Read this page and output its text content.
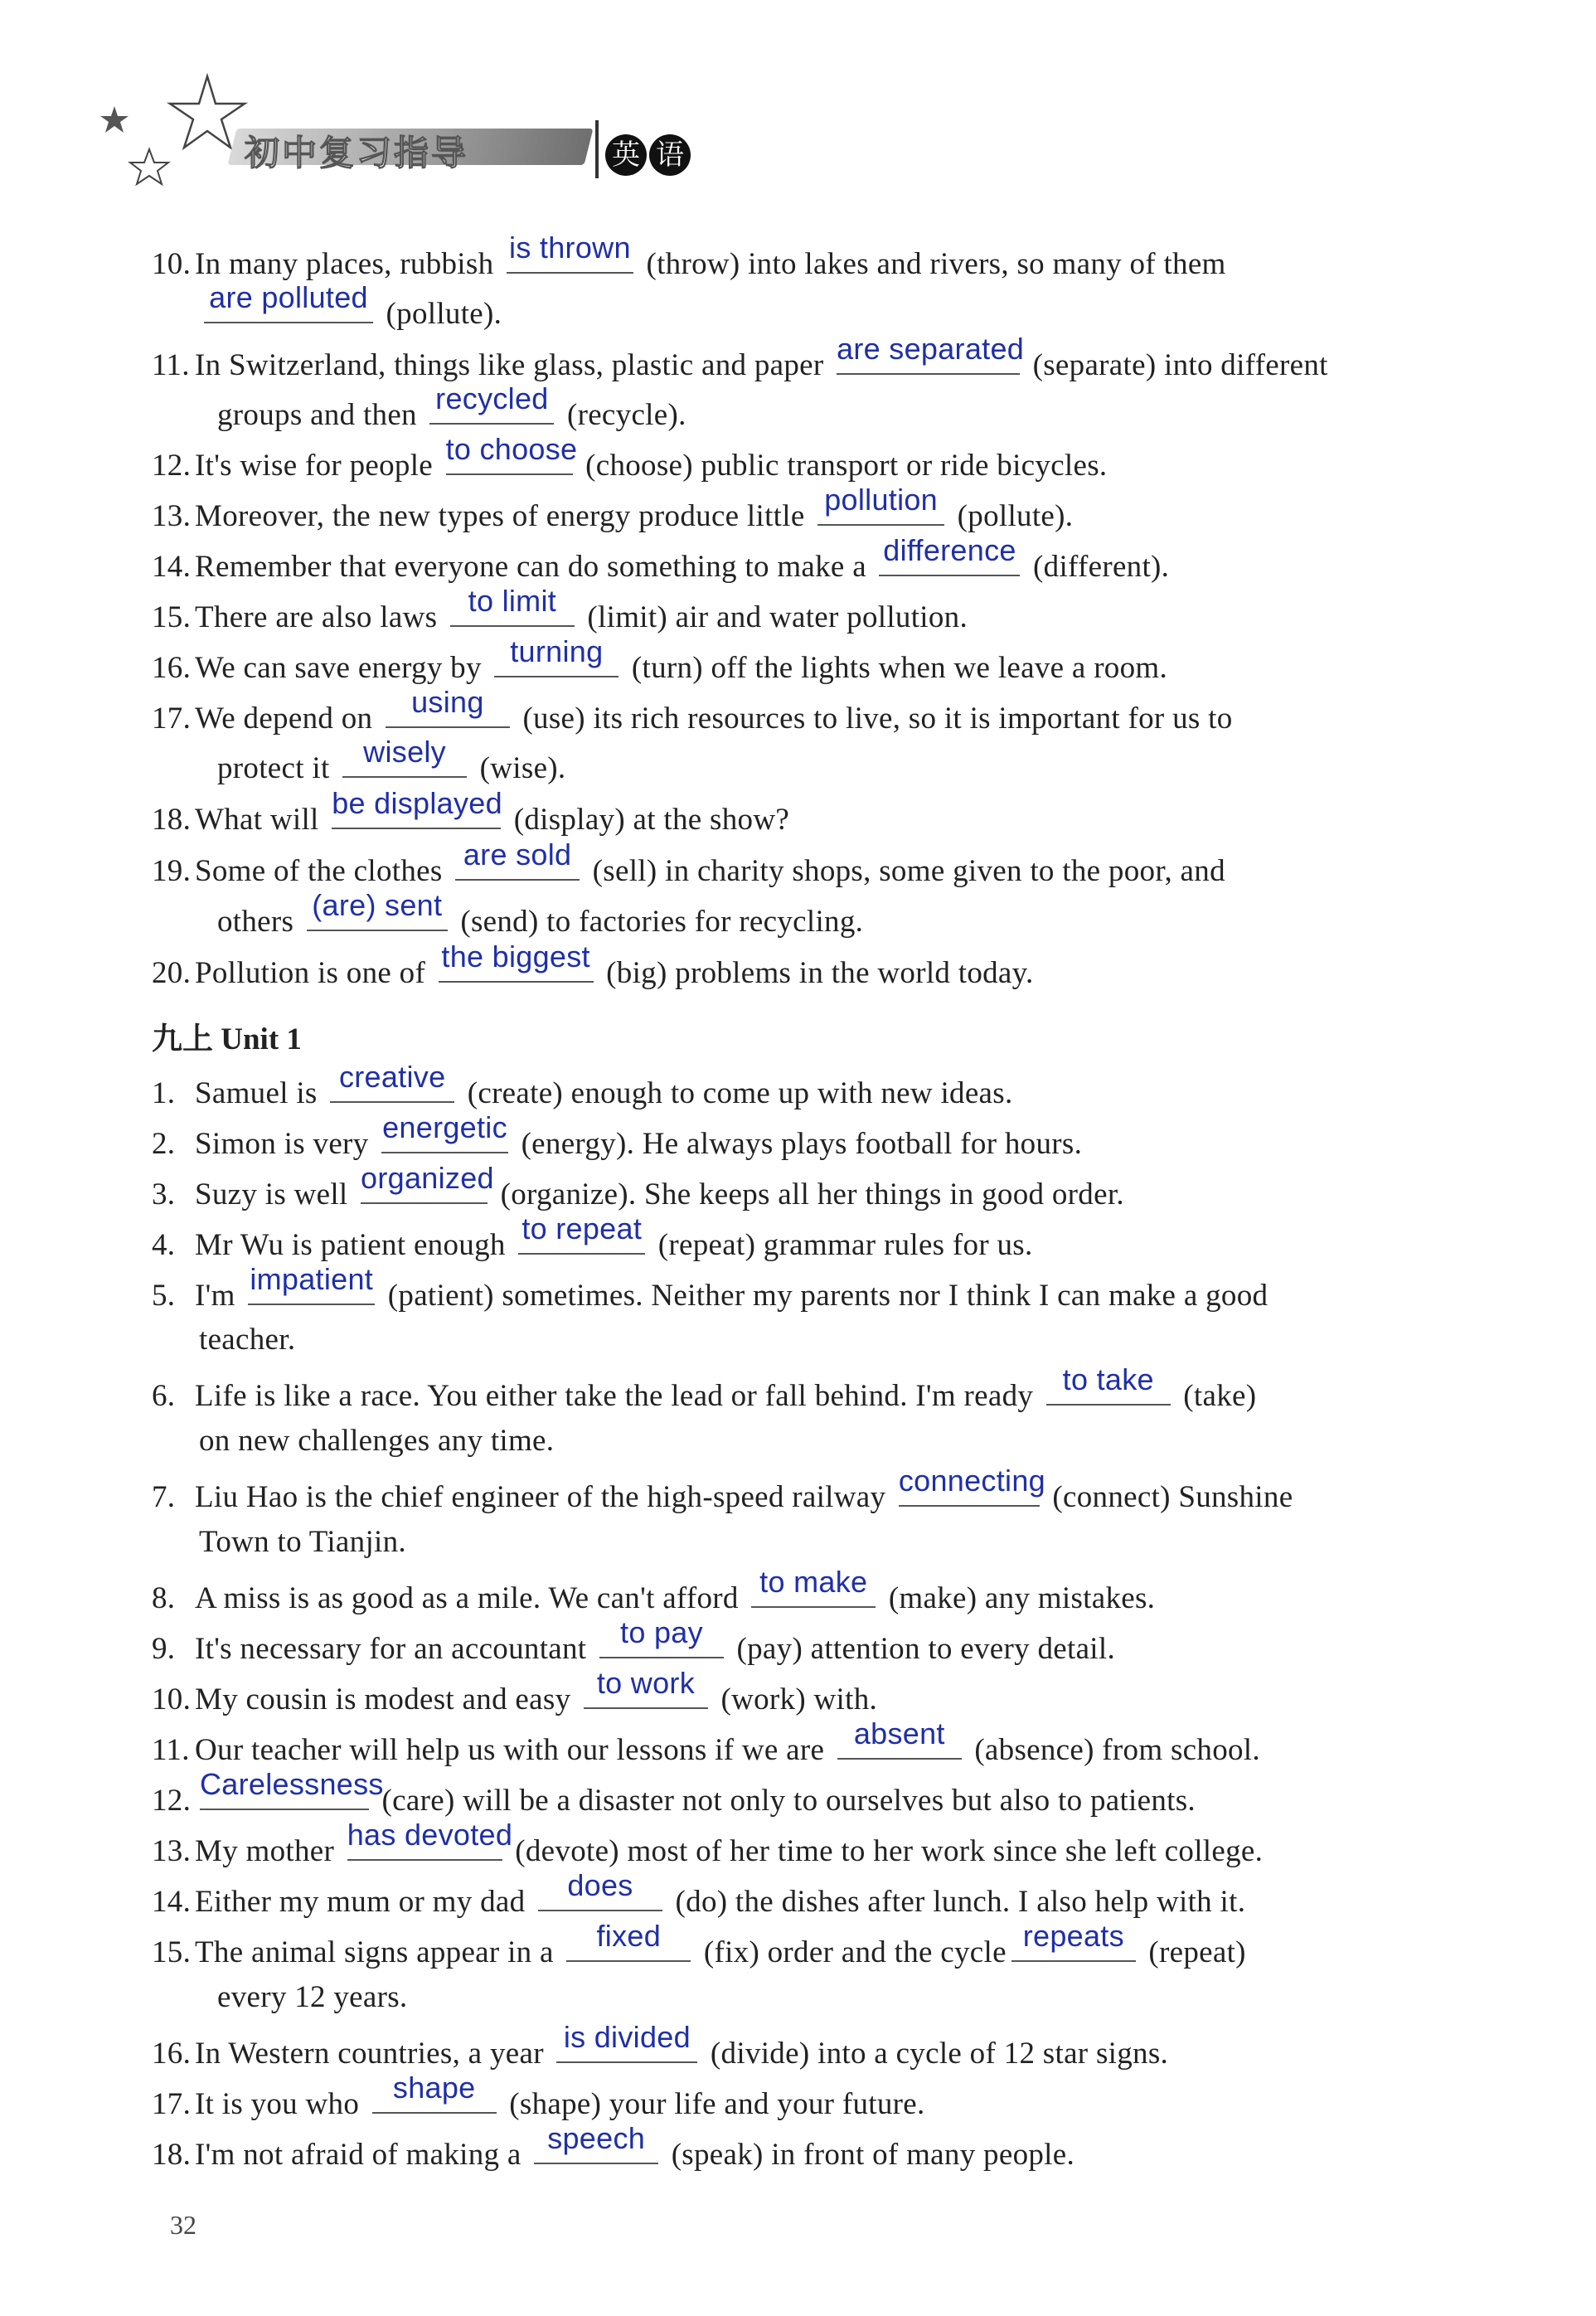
初中复习指导	英 语
10. In many places, rubbish is thrown (throw) into lakes and rivers, so many of them
are polluted (pollute).
11. In Switzerland, things like glass, plastic and paper are separated (separate) into different
groups and then recycled (recycle).
12. It's wise for people to choose (choose) public transport or ride bicycles.
13. Moreover, the new types of energy produce little pollution (pollute).
14. Remember that everyone can do something to make a difference (different).
15. There are also laws to limit (limit) air and water pollution.
16. We can save energy by turning (turn) off the lights when we leave a room.
17. We depend on	using	(use) its rich resources to live, so it is important for us to
protect it wisely (wise).
18. What will be displayed (display) at the show?
19. Some of the clothes are sold (sell) in charity shops, some given to the poor, and
others (are) sent (send) to factories for recycling.
20. Pollution is one of the biggest (big) problems in the world today.
1. Samuel is creative (create) enough to come up with new ideas.
2. Simon is very energetic (energy). He always plays football for hours.
3. Suzy is well organized
(organize). She keeps all her things in good order.
4. Mr Wu is patient enough to repeat (repeat) grammar rules for us.
5. I'm impatient (patient) sometimes. Neither my parents nor I think I can make a good
teacher.
6. Life is like a race. You either take the lead or fall behind. I'm ready to take (take)
on new challenges any time.
7. Liu Hao is the chief engineer of the high-speed railway connecting
(connect) Sunshine
Town to Tianjin.
8. A miss is as good as a mile. We can't afford to make (make) any mistakes.
9. It's necessary for an accountant to pay (pay) attention to every detail.
10. My cousin is modest and easy to work (work) with.
11. Our teacher will help us with our lessons if we are absent (absence) from school.
12. Carelessness
(care) will be a disaster not only to ourselves but also to patients.
13. My mother has devoted
(devote) most of her time to her work since she left college.
14. Either my mum or my dad	does	(do) the dishes after lunch. I also help with it.
15. The animal signs appear in a	fixed	(fix) order and the cycle repeats (repeat)
every 12 years.
16. In Western countries, a year is divided (divide) into a cycle of 12 star signs.
17. It is you who shape (shape) your life and your future.
18. I'm not afraid of making a speech (speak) in front of many people.
九上 Unit 1
32
